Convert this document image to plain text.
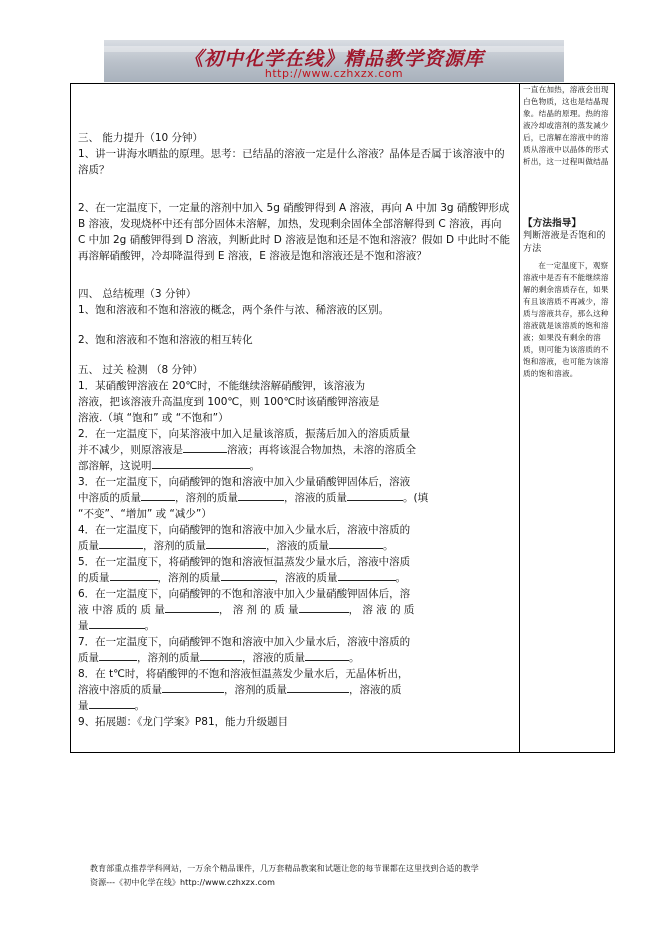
《初中化学在线》精品教学资源库
http://www.czhxzx.com

三、 能力提升（10 分钟）

1、讲一讲海水晒盐的原理。思考：已结晶的溶液一定是什么溶液？晶体是否属于该溶液中的溶质？

2、在一定温度下，一定量的溶剂中加入 5g 硝酸钾得到 A 溶液，再向 A 中加 3g 硝酸钾形成 B 溶液，发现烧杯中还有部分固体未溶解，加热，发现剩余固体全部溶解得到 C 溶液，再向 C 中加 2g 硝酸钾得到 D 溶液，判断此时 D 溶液是饱和还是不饱和溶液？假如 D 中此时不能再溶解硝酸钾，冷却降温得到 E 溶液，E 溶液是饱和溶液还是不饱和溶液？

四、 总结梳理（3 分钟）

1、饱和溶液和不饱和溶液的概念，两个条件与浓、稀溶液的区别。

2、饱和溶液和不饱和溶液的相互转化

五、 过关 检测 （8 分钟）

1．某硝酸钾溶液在 20℃时，不能继续溶解硝酸钾，该溶液为
溶液，把该溶液升高温度到 100℃，则 100℃时该硝酸钾溶液是
溶液.（填 “饱和” 或 “不饱和”）

2．在一定温度下，向某溶液中加入足量该溶质，振荡后加入的溶质质量
并不减少，则原溶液是	溶液；再将该混合物加热，未溶的溶质全
部溶解，这说明	。

3．在一定温度下，向硝酸钾的饱和溶液中加入少量硝酸钾固体后，溶液
中溶质的质量	，溶剂的质量	，溶液的质量	。(填
“不变”、“增加” 或 “减少”）

4．在一定温度下，向硝酸钾的饱和溶液中加入少量水后，溶液中溶质的
质量	，溶剂的质量	，溶液的质量	。

5．在一定温度下，将硝酸钾的饱和溶液恒温蒸发少量水后，溶液中溶质
的质量	，溶剂的质量	，溶液的质量	。

6．在一定温度下，向硝酸钾的不饱和溶液中加入少量硝酸钾固体后，溶
液 中溶 质的 质 量	， 溶 剂 的 质 量	， 溶 液 的 质
量	。

7．在一定温度下，向硝酸钾不饱和溶液中加入少量水后，溶液中溶质的
质量	，溶剂的质量	，溶液的质量	。

8．在 t℃时，将硝酸钾的不饱和溶液恒温蒸发少量水后，无晶体析出，
溶液中溶质的质量	，溶剂的质量	，溶液的质
量	。

9、拓展题：《龙门学案》P81，能力升级题目

一直在加热，溶液会出现白色物质，这也是结晶现象。结晶的原理。热的溶液冷却或溶剂的蒸发减少后，已溶解在溶液中的溶质从溶液中以晶体的形式析出，这一过程叫做结晶

【方法指导】

判断溶液是否饱和的方法

在一定温度下，观察溶液中是否有不能继续溶解的剩余溶质存在，如果有且该溶质不再减少，溶质与溶液共存，那么这种溶液就是该溶质的饱和溶液；如果没有剩余的溶质，则可能为该溶质的不饱和溶液，也可能为该溶质的饱和溶液。

教育部重点推荐学科网站，一万余个精品课件，几万套精品教案和试题让您的每节课都在这里找到合适的教学
资源---《初中化学在线》http://www.czhxzx.com
